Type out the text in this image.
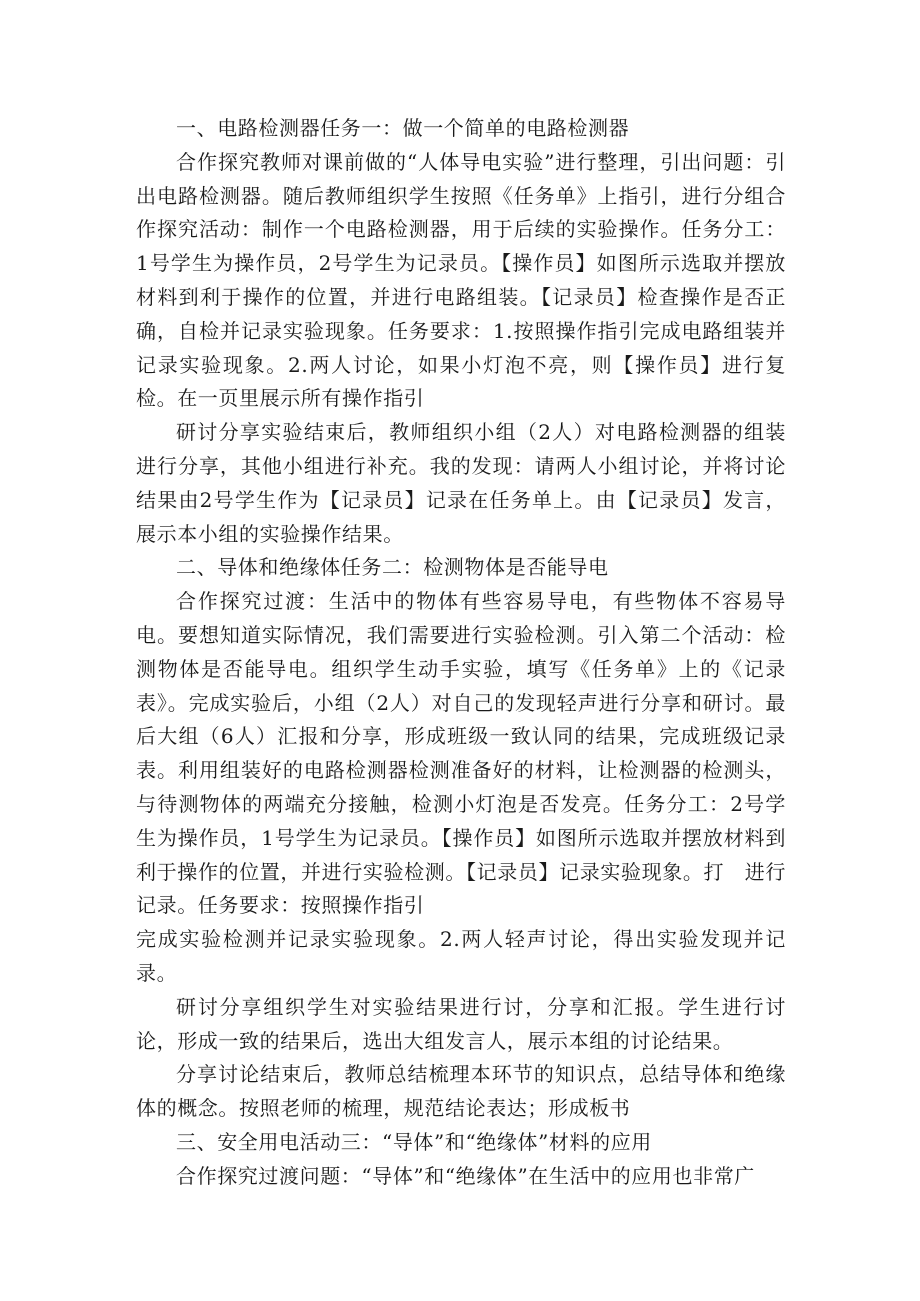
一、电路检测器任务一：做一个简单的电路检测器

合作探究教师对课前做的“人体导电实验”进行整理，引出问题：引出电路检测器。随后教师组织学生按照《任务单》上指引，进行分组合作探究活动：制作一个电路检测器，用于后续的实验操作。任务分工：1号学生为操作员，2号学生为记录员。【操作员】如图所示选取并摆放材料到利于操作的位置，并进行电路组装。【记录员】检查操作是否正确，自检并记录实验现象。任务要求：1.按照操作指引完成电路组装并记录实验现象。2.两人讨论，如果小灯泡不亮，则【操作员】进行复检。在一页里展示所有操作指引

研讨分享实验结束后，教师组织小组（2人）对电路检测器的组装进行分享，其他小组进行补充。我的发现：请两人小组讨论，并将讨论结果由2号学生作为【记录员】记录在任务单上。由【记录员】发言，展示本小组的实验操作结果。

二、导体和绝缘体任务二：检测物体是否能导电

合作探究过渡：生活中的物体有些容易导电，有些物体不容易导电。要想知道实际情况，我们需要进行实验检测。引入第二个活动：检测物体是否能导电。组织学生动手实验，填写《任务单》上的《记录表》。完成实验后，小组（2人）对自己的发现轻声进行分享和研讨。最后大组（6人）汇报和分享，形成班级一致认同的结果，完成班级记录表。利用组装好的电路检测器检测准备好的材料，让检测器的检测头，与待测物体的两端充分接触，检测小灯泡是否发亮。任务分工：2号学生为操作员，1号学生为记录员。【操作员】如图所示选取并摆放材料到利于操作的位置，并进行实验检测。【记录员】记录实验现象。打　进行记录。任务要求：按照操作指引

完成实验检测并记录实验现象。2.两人轻声讨论，得出实验发现并记录。

研讨分享组织学生对实验结果进行讨，分享和汇报。学生进行讨论，形成一致的结果后，选出大组发言人，展示本组的讨论结果。

分享讨论结束后，教师总结梳理本环节的知识点，总结导体和绝缘体的概念。按照老师的梳理，规范结论表达；形成板书

三、安全用电活动三：“导体”和“绝缘体”材料的应用

合作探究过渡问题：“导体”和“绝缘体”在生活中的应用也非常广
